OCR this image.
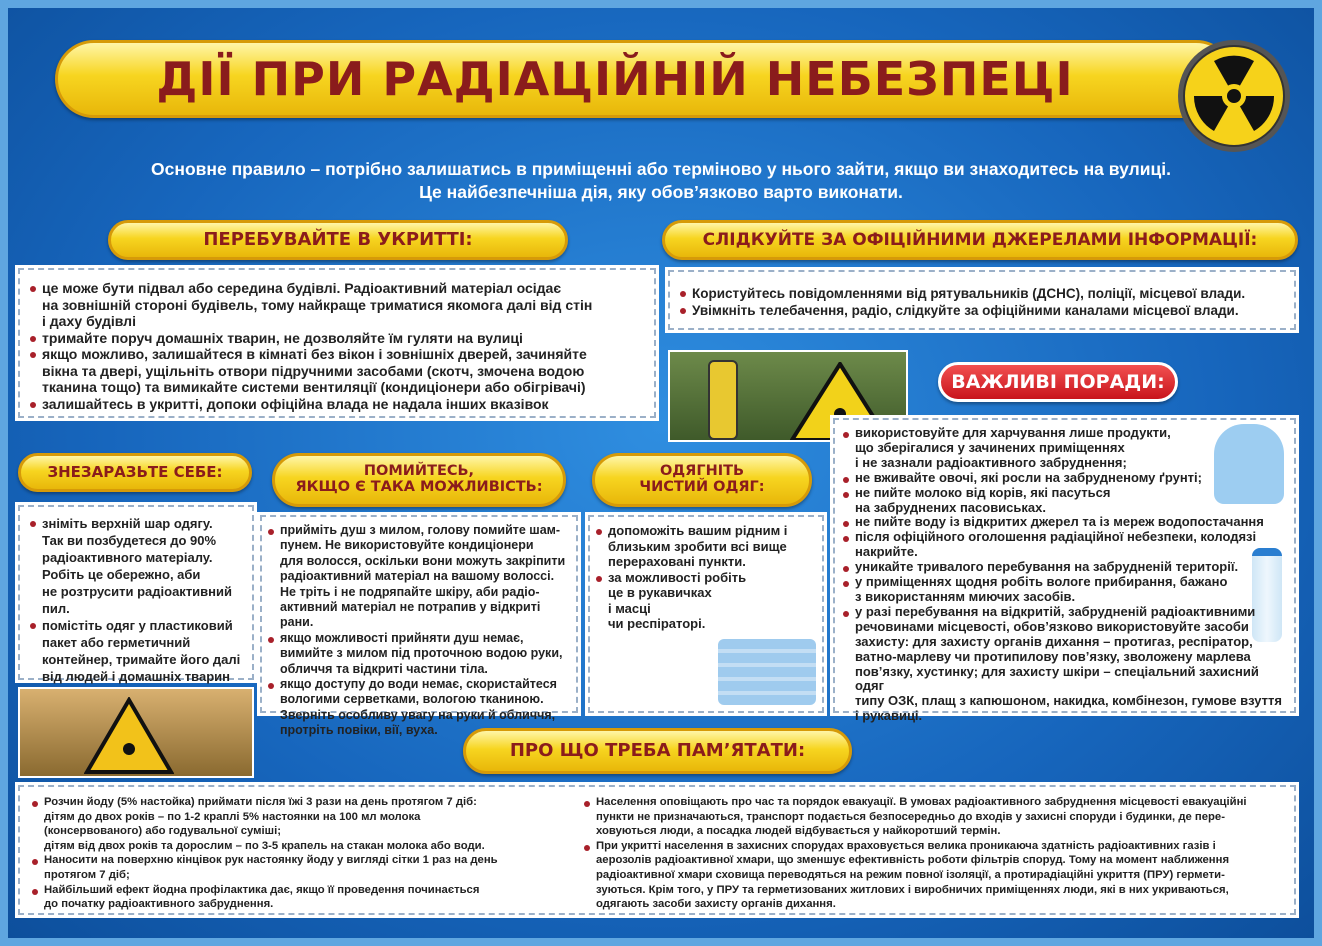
ДІЇ ПРИ РАДІАЦІЙНІЙ НЕБЕЗПЕЦІ
Основне правило – потрібно залишатись в приміщенні або терміново у нього зайти, якщо ви знаходитесь на вулиці.
Це найбезпечніша дія, яку обов’язково варто виконати.
ПЕРЕБУВАЙТЕ В УКРИТТІ:
це може бути підвал або середина будівлі. Радіоактивний матеріал осідає
на зовнішній стороні будівель, тому найкраще триматися якомога далі від стін
і даху будівлі
тримайте поруч домашніх тварин, не дозволяйте їм гуляти на вулиці
якщо можливо, залишайтеся в кімнаті без вікон і зовнішніх дверей, зачиняйте
вікна та двері, ущільніть отвори підручними засобами (скотч, змочена водою
тканина тощо) та вимикайте системи вентиляції (кондиціонери або обігрівачі)
залишайтесь в укритті, допоки офіційна влада не надала інших вказівок
СЛІДКУЙТЕ ЗА ОФІЦІЙНИМИ ДЖЕРЕЛАМИ ІНФОРМАЦІЇ:
Користуйтесь повідомленнями від рятувальників (ДСНС), поліції, місцевої влади.
Увімкніть телебачення, радіо, слідкуйте за офіційними каналами місцевої влади.
ВАЖЛИВІ ПОРАДИ:
використовуйте для харчування лише продукти,
що зберігалися у зачинених приміщеннях
і не зазнали радіоактивного забруднення;
не вживайте овочі, які росли на забрудненому ґрунті;
не пийте молоко від корів, які пасуться
на забруднених пасовиськах.
не пийте воду із відкритих джерел та із мереж водопостачання
після офіційного оголошення радіаційної небезпеки, колодязі
накрийте.
уникайте тривалого перебування на забрудненій території.
у приміщеннях щодня робіть вологе прибирання, бажано
з використанням миючих засобів.
у разі перебування на відкритій, забрудненій радіоактивними
речовинами місцевості, обов’язково використовуйте засоби
захисту: для захисту органів дихання – протигаз, респіратор,
ватно-марлеву чи протипилову пов’язку, зволожену марлева
пов’язку, хустинку; для захисту шкіри – спеціальний захисний одяг
типу ОЗК, плащ з капюшоном, накидка, комбінезон, гумове взуття
і рукавиці.
ЗНЕЗАРАЗЬТЕ СЕБЕ:
зніміть верхній шар одягу.
Так ви позбудетеся до 90%
радіоактивного матеріалу.
Робіть це обережно, аби
не розтрусити радіоактивний
пил.
помістіть одяг у пластиковий
пакет або герметичний
контейнер, тримайте його далі
від людей і домашніх тварин
ПОМИЙТЕСЬ,
ЯКЩО Є ТАКА МОЖЛИВІСТЬ:
прийміть душ з милом, голову помийте шам-
пунем. Не використовуйте кондиціонери
для волосся, оскільки вони можуть закріпити
радіоактивний матеріал на вашому волоссі.
Не тріть і не подряпайте шкіру, аби радіо-
активний матеріал не потрапив у відкриті рани.
якщо можливості прийняти душ немає,
вимийте з милом під проточною водою руки,
обличчя та відкриті частини тіла.
якщо доступу до води немає, скористайтеся
вологими серветками, вологою тканиною.
Зверніть особливу увагу на руки й обличчя,
протріть повіки, вії, вуха.
ОДЯГНІТЬ
ЧИСТИЙ ОДЯГ:
допоможіть вашим рідним і
близьким зробити всі вище
перераховані пункти.
за можливості робіть
це в рукавичках
і масці
чи респіраторі.
ПРО ЩО ТРЕБА ПАМ’ЯТАТИ:
Розчин йоду (5% настойка) приймати після їжі 3 рази на день протягом 7 діб:
дітям до двох років – по 1-2 краплі 5% настоянки на 100 мл молока
(консервованого) або годувальної суміші;
дітям від двох років та дорослим – по 3-5 крапель на стакан молока або води.
Наносити на поверхню кінцівок рук настоянку йоду у вигляді сітки 1 раз на день
протягом 7 діб;
Найбільший ефект йодна профілактика дає, якщо її проведення починається
до початку радіоактивного забруднення.
Населення оповіщають про час та порядок евакуації. В умовах радіоактивного забруднення місцевості евакуаційні
пункти не призначаються, транспорт подається безпосередньо до входів у захисні споруди і будинки, де пере-
ховуються люди, а посадка людей відбувається у найкоротший термін.
При укритті населення в захисних спорудах враховується велика проникаюча здатність радіоактивних газів і
аерозолів радіоактивної хмари, що зменшує ефективність роботи фільтрів споруд. Тому на момент наближення
радіоактивної хмари сховища переводяться на режим повної ізоляції, а протирадіаційні укриття (ПРУ) гермети-
зуються. Крім того, у ПРУ та герметизованих житлових і виробничих приміщеннях люди, які в них укриваються,
одягають засоби захисту органів дихання.
